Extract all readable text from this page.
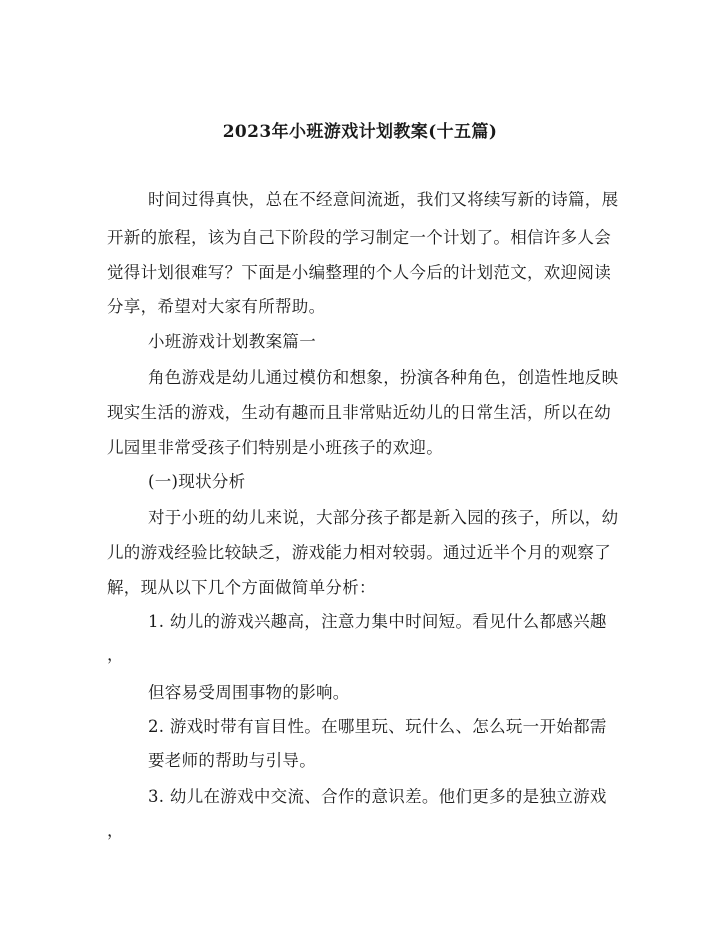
2023年小班游戏计划教案(十五篇)

时间过得真快，总在不经意间流逝，我们又将续写新的诗篇，展

开新的旅程，该为自己下阶段的学习制定一个计划了。相信许多人会

觉得计划很难写？下面是小编整理的个人今后的计划范文，欢迎阅读

分享，希望对大家有所帮助。

小班游戏计划教案篇一

角色游戏是幼儿通过模仿和想象，扮演各种角色，创造性地反映

现实生活的游戏，生动有趣而且非常贴近幼儿的日常生活，所以在幼

儿园里非常受孩子们特别是小班孩子的欢迎。

(一)现状分析

对于小班的幼儿来说，大部分孩子都是新入园的孩子，所以，幼

儿的游戏经验比较缺乏，游戏能力相对较弱。通过近半个月的观察了

解，现从以下几个方面做简单分析：

1. 幼儿的游戏兴趣高，注意力集中时间短。看见什么都感兴趣

，

但容易受周围事物的影响。

2. 游戏时带有盲目性。在哪里玩、玩什么、怎么玩一开始都需

要老师的帮助与引导。

3. 幼儿在游戏中交流、合作的意识差。他们更多的是独立游戏

，
